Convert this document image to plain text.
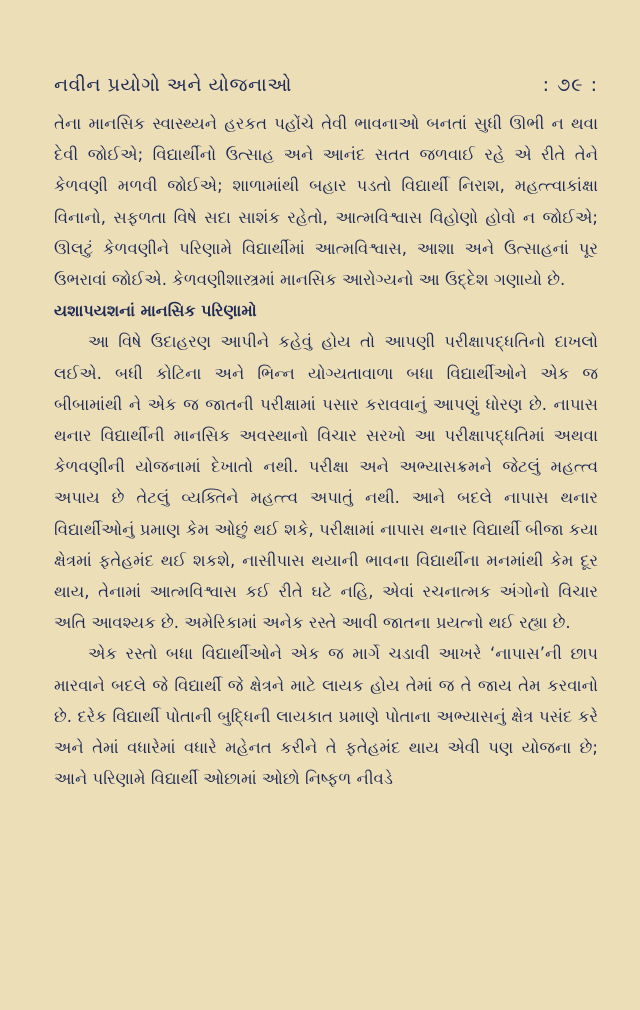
નવીન પ્રયોગો અને યોજનાઓ	: ૭૯ :

તેના માનસિક સ્વાસ્થ્યને હરકત પહોંચે તેવી ભાવનાઓ બનતાં સુધી ઊભી ન થવા દેવી જોઈએ; વિદ્યાર્થીનો ઉત્સાહ અને આનંદ સતત જળવાઈ રહે એ રીતે તેને કેળવણી મળવી જોઈએ; શાળામાંથી બહાર પડતો વિદ્યાર્થી નિરાશ, મહત્ત્વાકાંક્ષા વિનાનો, સફળતા વિષે સદા સાશંક રહેતો, આત્મવિશ્વાસ વિહોણો હોવો ન જોઈએ; ઊલટું કેળવણીને પરિણામે વિદ્યાર્થીમાં આત્મવિશ્વાસ, આશા અને ઉત્સાહનાં પૂર ઉભરાવાં જોઈએ. કેળવણીશાસ્ત્રમાં માનસિક આરોગ્યનો આ ઉદ્દેશ ગણાયો છે.

યશાપયશનાં માનસિક પરિણામો

આ વિષે ઉદાહરણ આપીને કહેવું હોય તો આપણી પરીક્ષાપદ્ધતિનો દાખલો લઈએ. બધી કોટિના અને ભિન્ન યોગ્યતાવાળા બધા વિદ્યાર્થીઓને એક જ બીબામાંથી ને એક જ જાતની પરીક્ષામાં પસાર કરાવવાનું આપણું ધોરણ છે. નાપાસ થનાર વિદ્યાર્થીની માનસિક અવસ્થાનો વિચાર સરખો આ પરીક્ષાપદ્ધતિમાં અથવા કેળવણીની યોજનામાં દેખાતો નથી. પરીક્ષા અને અભ્યાસક્રમને જેટલું મહત્ત્વ અપાય છે તેટલું વ્યક્તિને મહત્ત્વ અપાતું નથી. આને બદલે નાપાસ થનાર વિદ્યાર્થીઓનું પ્રમાણ કેમ ઓછું થઈ શકે, પરીક્ષામાં નાપાસ થનાર વિદ્યાર્થી બીજા કયા ક્ષેત્રમાં ફતેહમંદ થઈ શકશે, નાસીપાસ થયાની ભાવના વિદ્યાર્થીના મનમાંથી કેમ દૂર થાય, તેનામાં આત્મવિશ્વાસ કઈ રીતે ઘટે નહિ, એવાં રચનાત્મક અંગોનો વિચાર અતિ આવશ્યક છે. અમેરિકામાં અનેક રસ્તે આવી જાતના પ્રયત્નો થઈ રહ્યા છે.

એક રસ્તો બધા વિદ્યાર્થીઓને એક જ માર્ગે ચડાવી આખરે ‘નાપાસ’ની છાપ મારવાને બદલે જે વિદ્યાર્થી જે ક્ષેત્રને માટે લાયક હોય તેમાં જ તે જાય તેમ કરવાનો છે. દરેક વિદ્યાર્થી પોતાની બુદ્ધિની લાયકાત પ્રમાણે પોતાના અભ્યાસનું ક્ષેત્ર પસંદ કરે અને તેમાં વધારેમાં વધારે મહેનત કરીને તે ફતેહમંદ થાય એવી પણ યોજના છે; આને પરિણામે વિદ્યાર્થી ઓછામાં ઓછો નિષ્ફળ નીવડે
